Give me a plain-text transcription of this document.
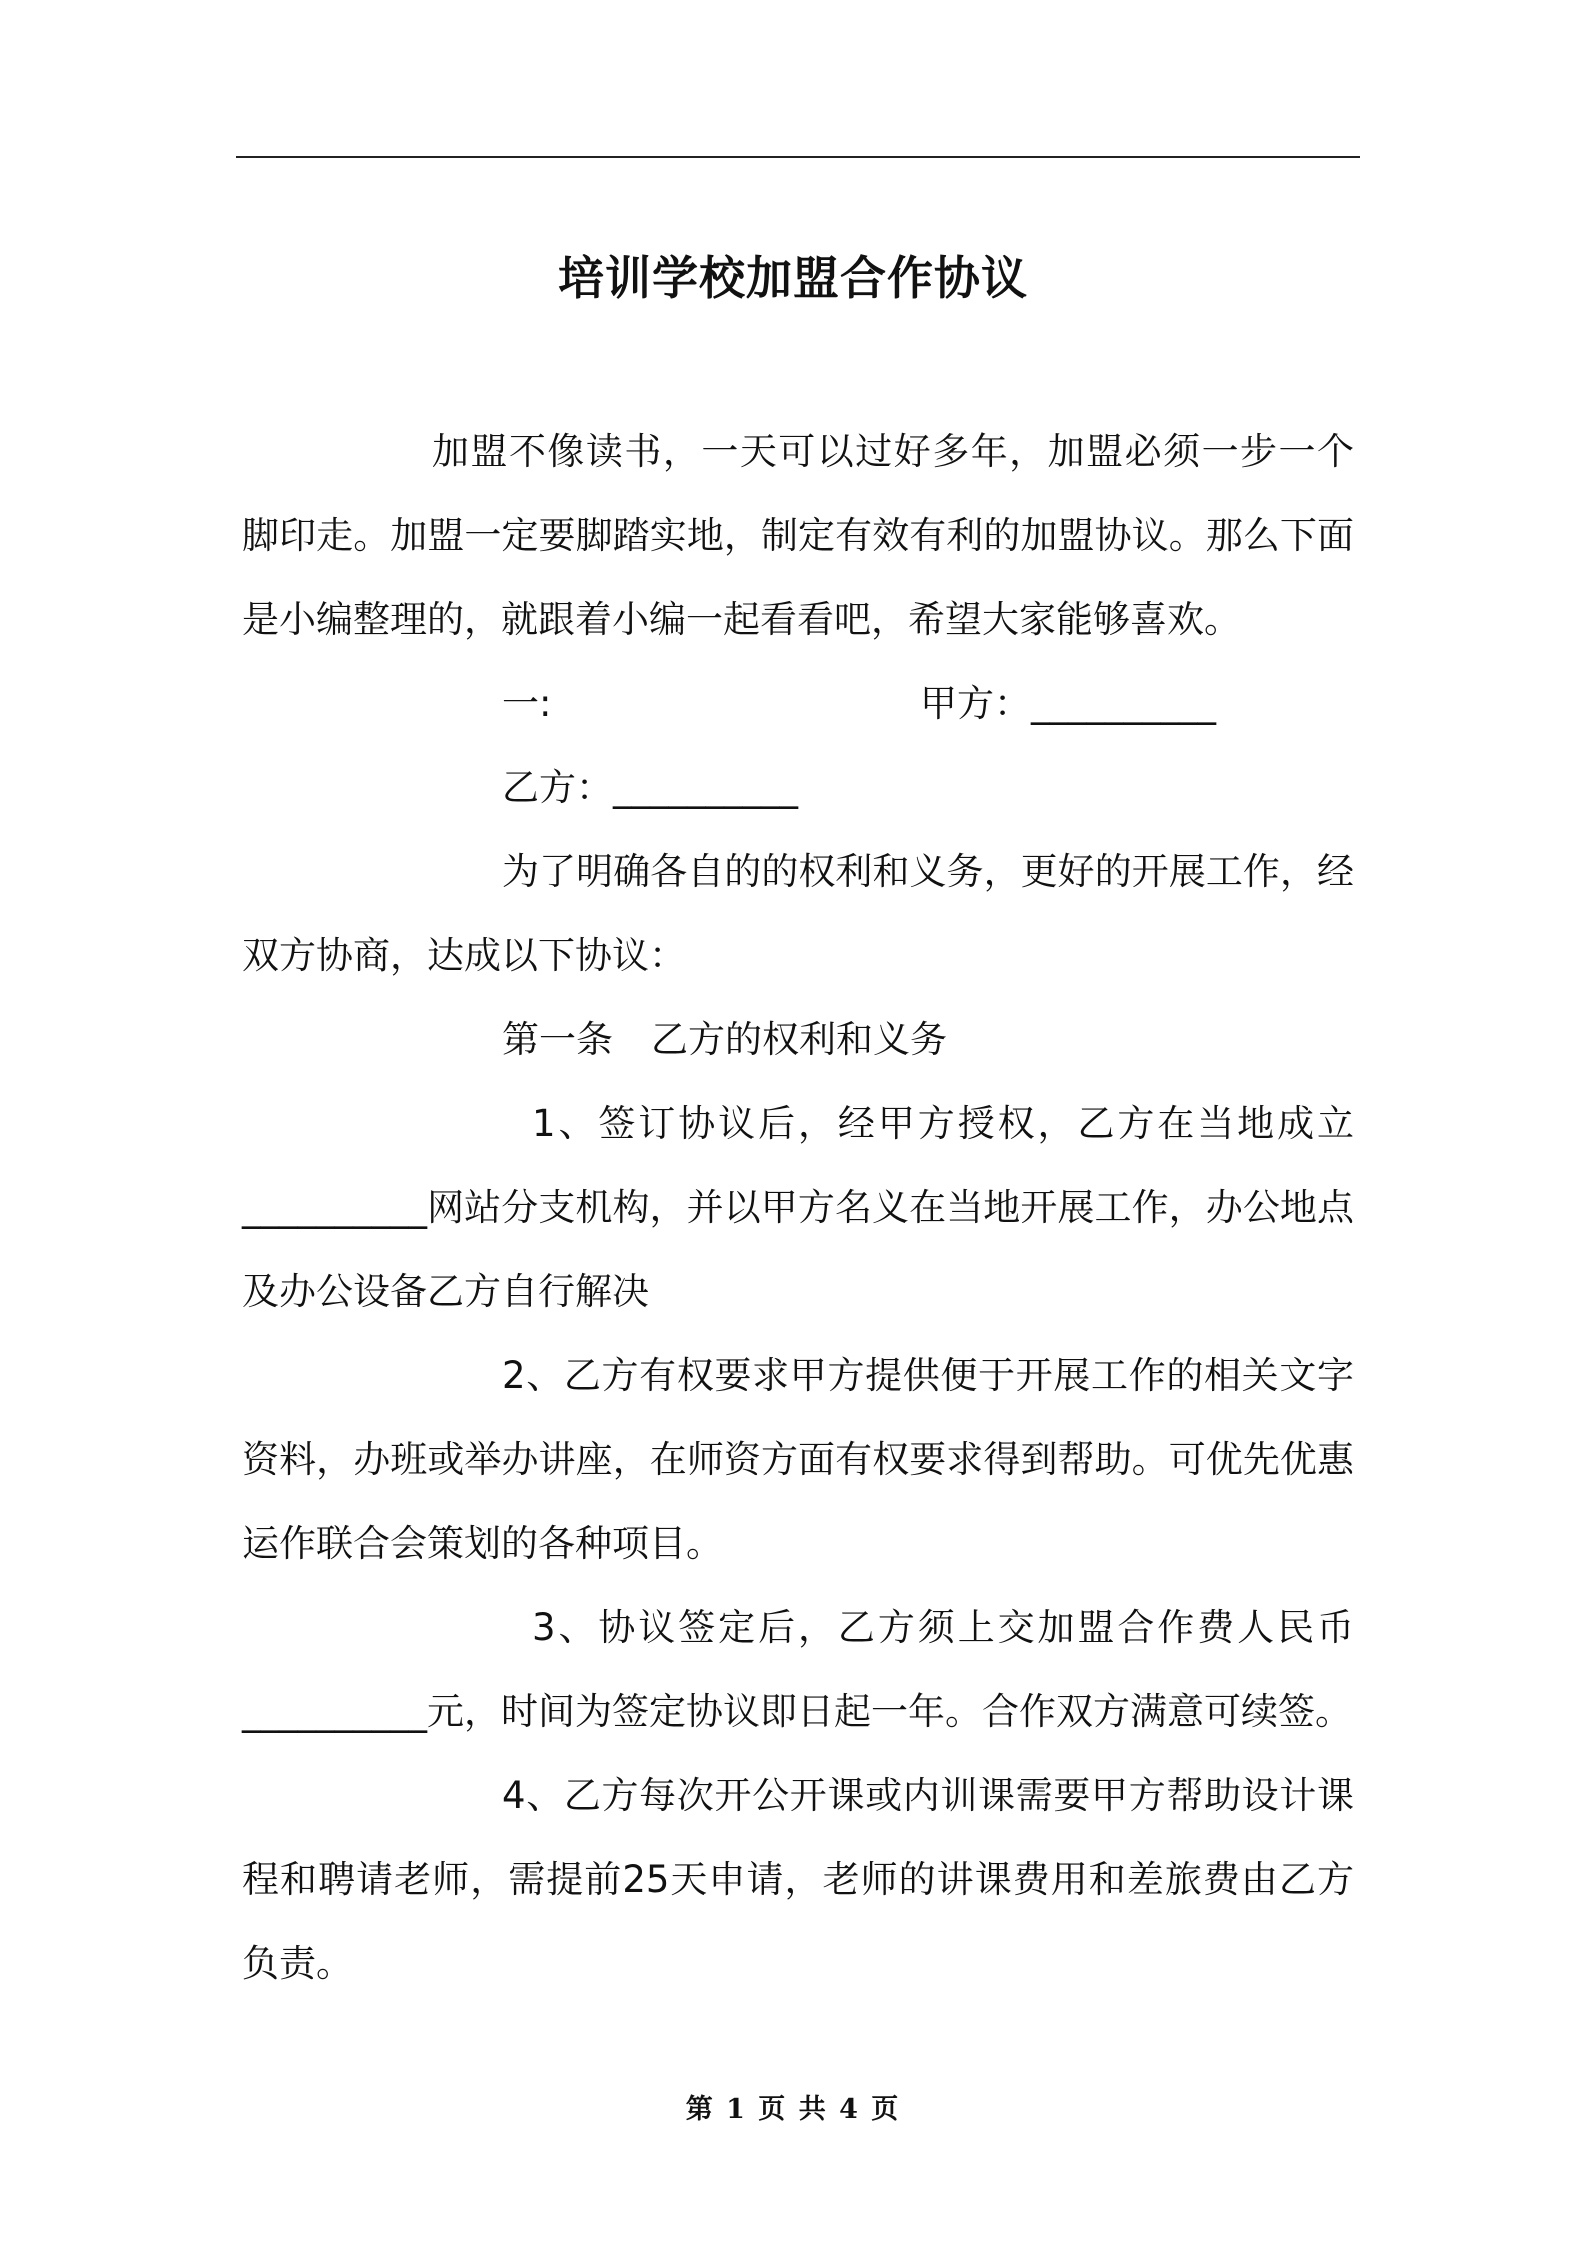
培训学校加盟合作协议

加盟不像读书，一天可以过好多年，加盟必须一步一个脚印走。加盟一定要脚踏实地，制定有效有利的加盟协议。那么下面是小编整理的，就跟着小编一起看看吧，希望大家能够喜欢。

一:	甲方：__________
乙方：__________

为了明确各自的的权利和义务，更好的开展工作，经双方协商，达成以下协议：

第一条 乙方的权利和义务

1、签订协议后，经甲方授权，乙方在当地成立__________网站分支机构，并以甲方名义在当地开展工作，办公地点及办公设备乙方自行解决

2、乙方有权要求甲方提供便于开展工作的相关文字资料，办班或举办讲座，在师资方面有权要求得到帮助。可优先优惠运作联合会策划的各种项目。

3、协议签定后，乙方须上交加盟合作费人民币__________元，时间为签定协议即日起一年。合作双方满意可续签。

4、乙方每次开公开课或内训课需要甲方帮助设计课程和聘请老师，需提前25天申请，老师的讲课费用和差旅费由乙方负责。

第 1 页 共 4 页
